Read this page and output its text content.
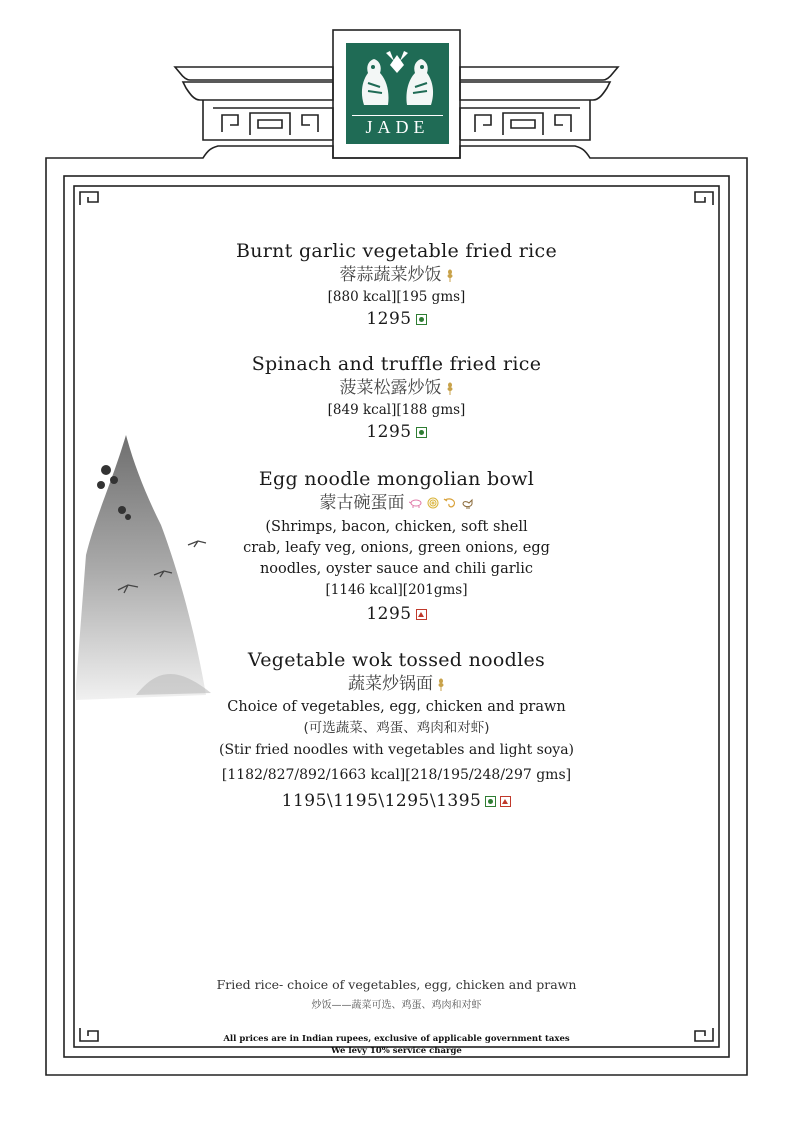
JADE
Burnt garlic vegetable fried rice
蓉蒜蔬菜炒饭
[880 kcal][195 gms]
1295
Spinach and truffle fried rice
菠菜松露炒饭
[849 kcal][188 gms]
1295
Egg noodle mongolian bowl
蒙古碗蛋面
(Shrimps, bacon, chicken, soft shell
crab, leafy veg, onions, green onions, egg
noodles, oyster sauce and chili garlic
[1146 kcal][201gms]
1295
Vegetable wok tossed noodles
蔬菜炒锅面
Choice of vegetables, egg, chicken and prawn
(可选蔬菜、鸡蛋、鸡肉和对虾)
(Stir fried noodles with vegetables and light soya)
[1182/827/892/1663 kcal][218/195/248/297 gms]
1195\1195\1295\1395
Fried rice- choice of vegetables, egg, chicken and prawn
炒饭——蔬菜可选、鸡蛋、鸡肉和对虾
All prices are in Indian rupees, exclusive of applicable government taxes
We levy 10% service charge
